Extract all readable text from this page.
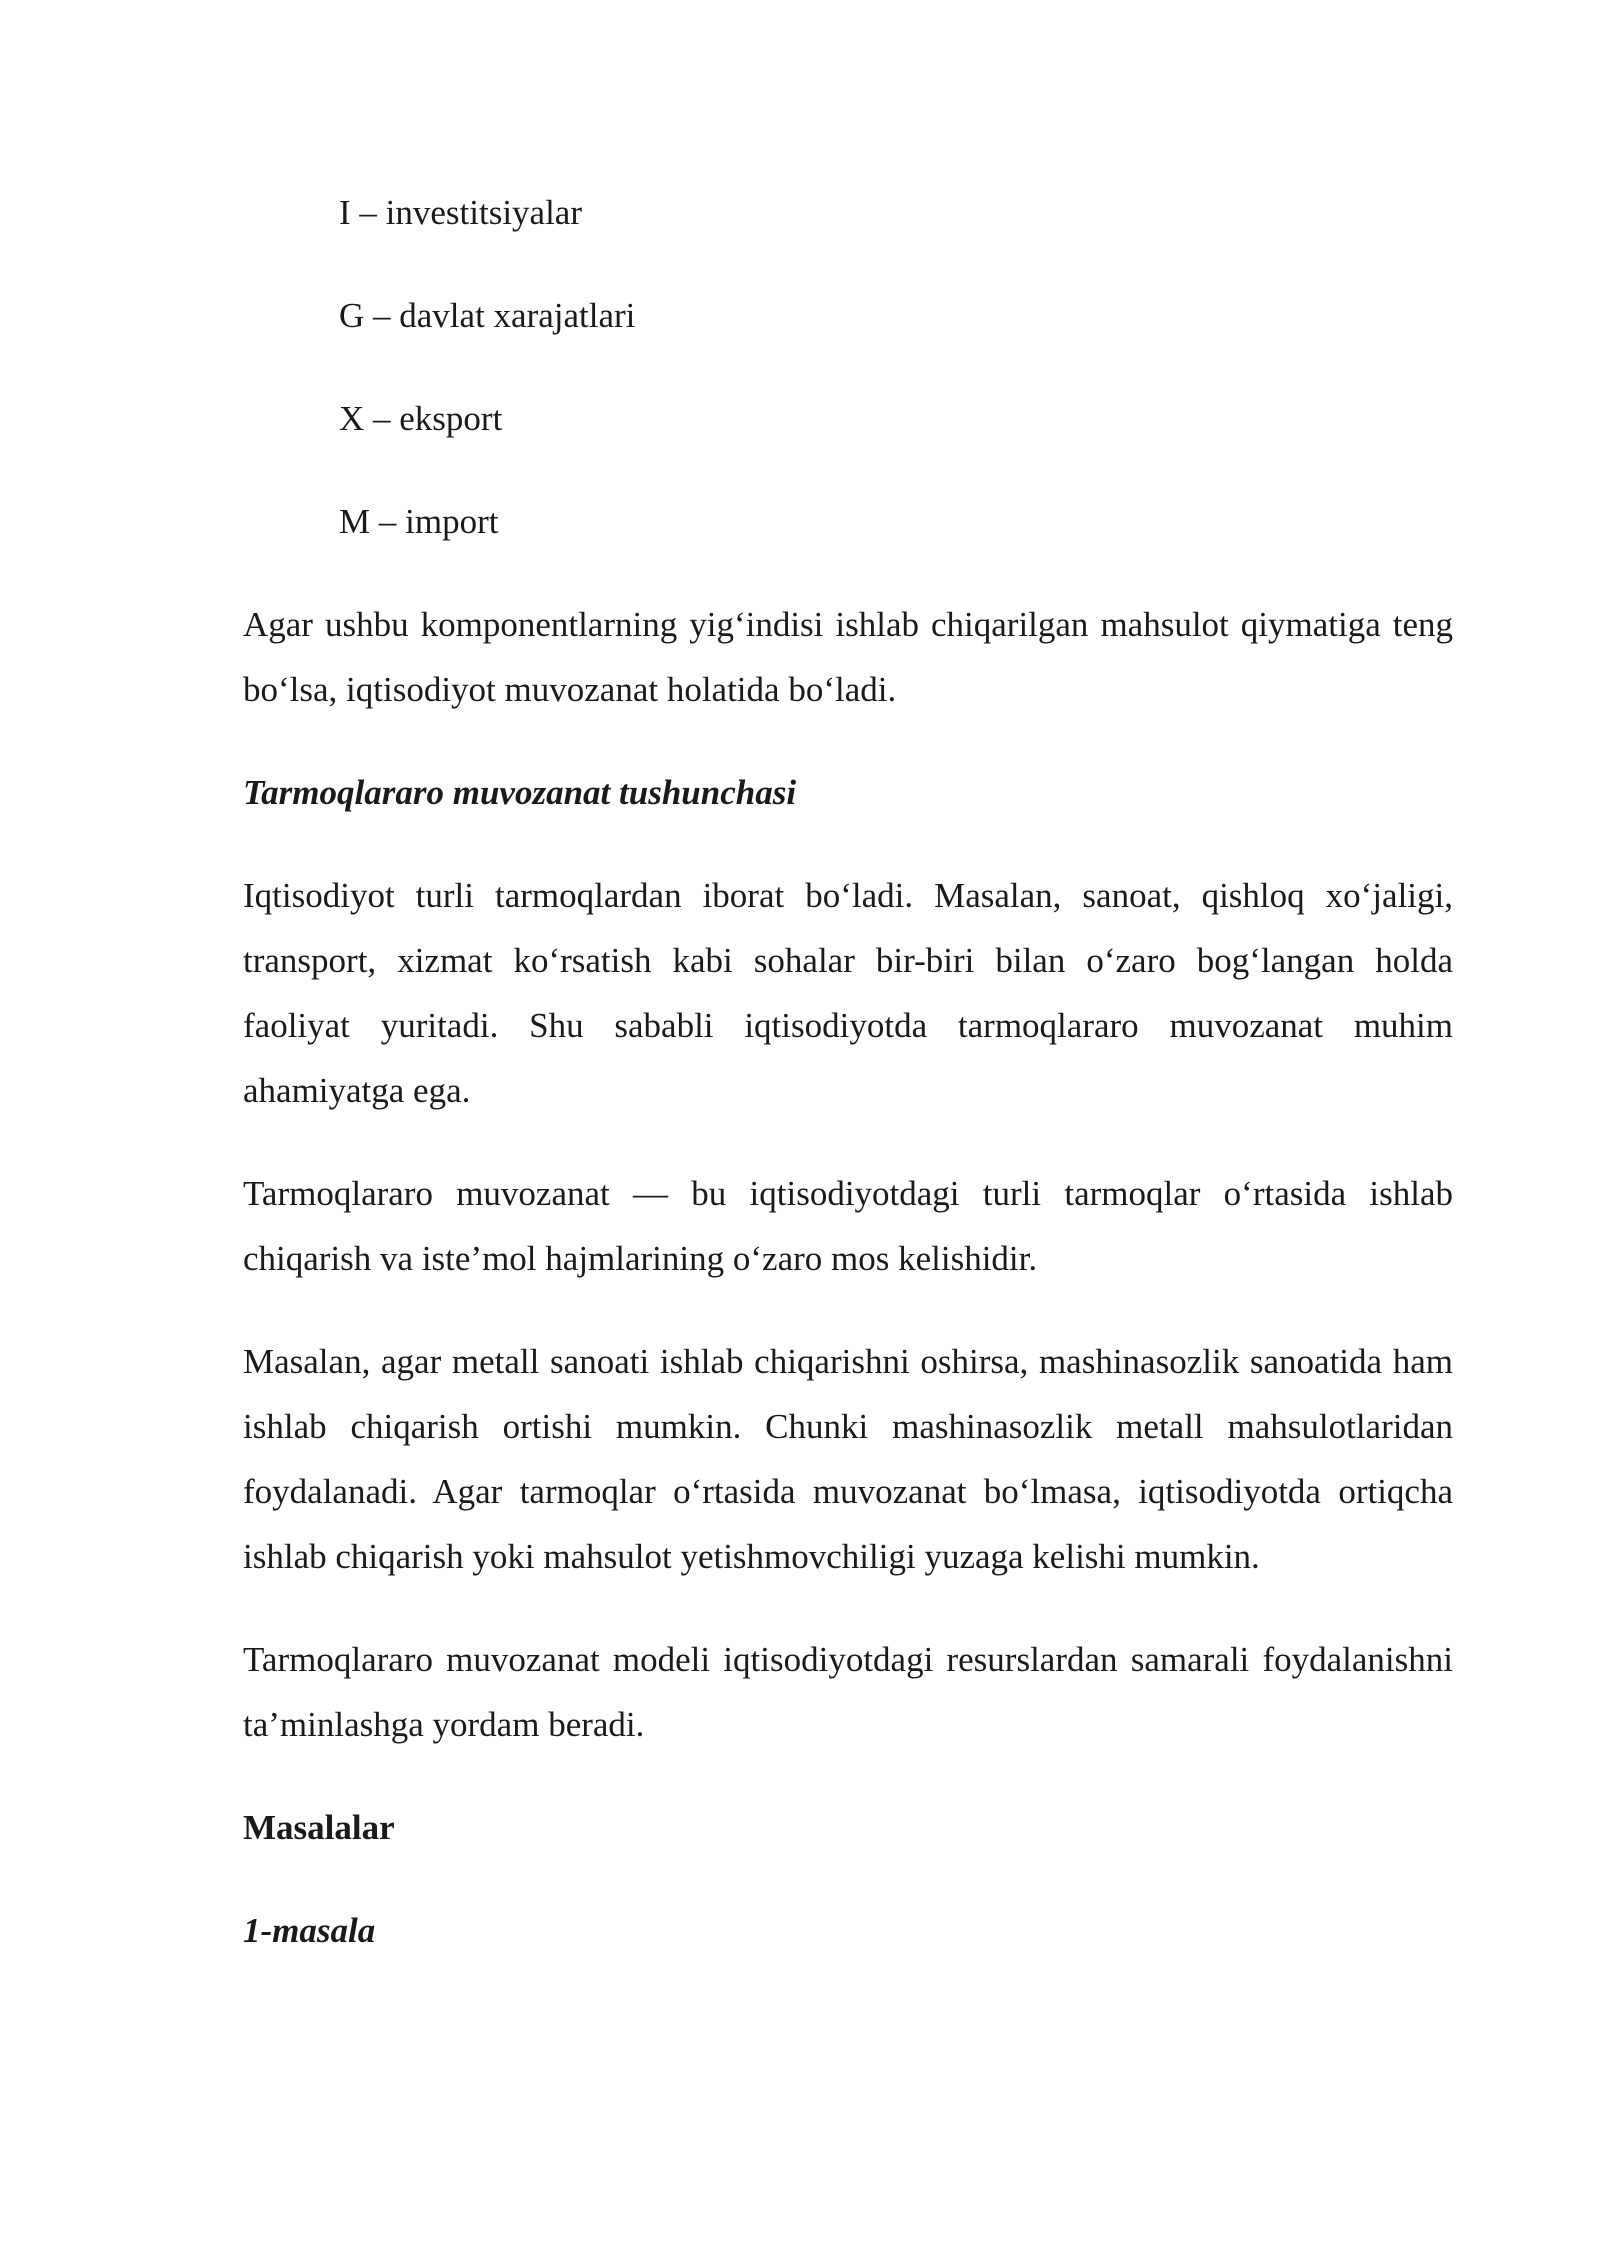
I – investitsiyalar
G – davlat xarajatlari
X – eksport
M – import

Agar ushbu komponentlarning yig‘indisi ishlab chiqarilgan mahsulot qiymatiga teng bo‘lsa, iqtisodiyot muvozanat holatida bo‘ladi.

Tarmoqlararo muvozanat tushunchasi

Iqtisodiyot turli tarmoqlardan iborat bo‘ladi. Masalan, sanoat, qishloq xo‘jaligi, transport, xizmat ko‘rsatish kabi sohalar bir-biri bilan o‘zaro bog‘langan holda faoliyat yuritadi. Shu sababli iqtisodiyotda tarmoqlararo muvozanat muhim ahamiyatga ega.

Tarmoqlararo muvozanat — bu iqtisodiyotdagi turli tarmoqlar o‘rtasida ishlab chiqarish va iste’mol hajmlarining o‘zaro mos kelishidir.

Masalan, agar metall sanoati ishlab chiqarishni oshirsa, mashinasozlik sanoatida ham ishlab chiqarish ortishi mumkin. Chunki mashinasozlik metall mahsulotlaridan foydalanadi. Agar tarmoqlar o‘rtasida muvozanat bo‘lmasa, iqtisodiyotda ortiqcha ishlab chiqarish yoki mahsulot yetishmovchiligi yuzaga kelishi mumkin.

Tarmoqlararo muvozanat modeli iqtisodiyotdagi resurslardan samarali foydalanishni ta’minlashga yordam beradi.

Masalalar

1-masala
